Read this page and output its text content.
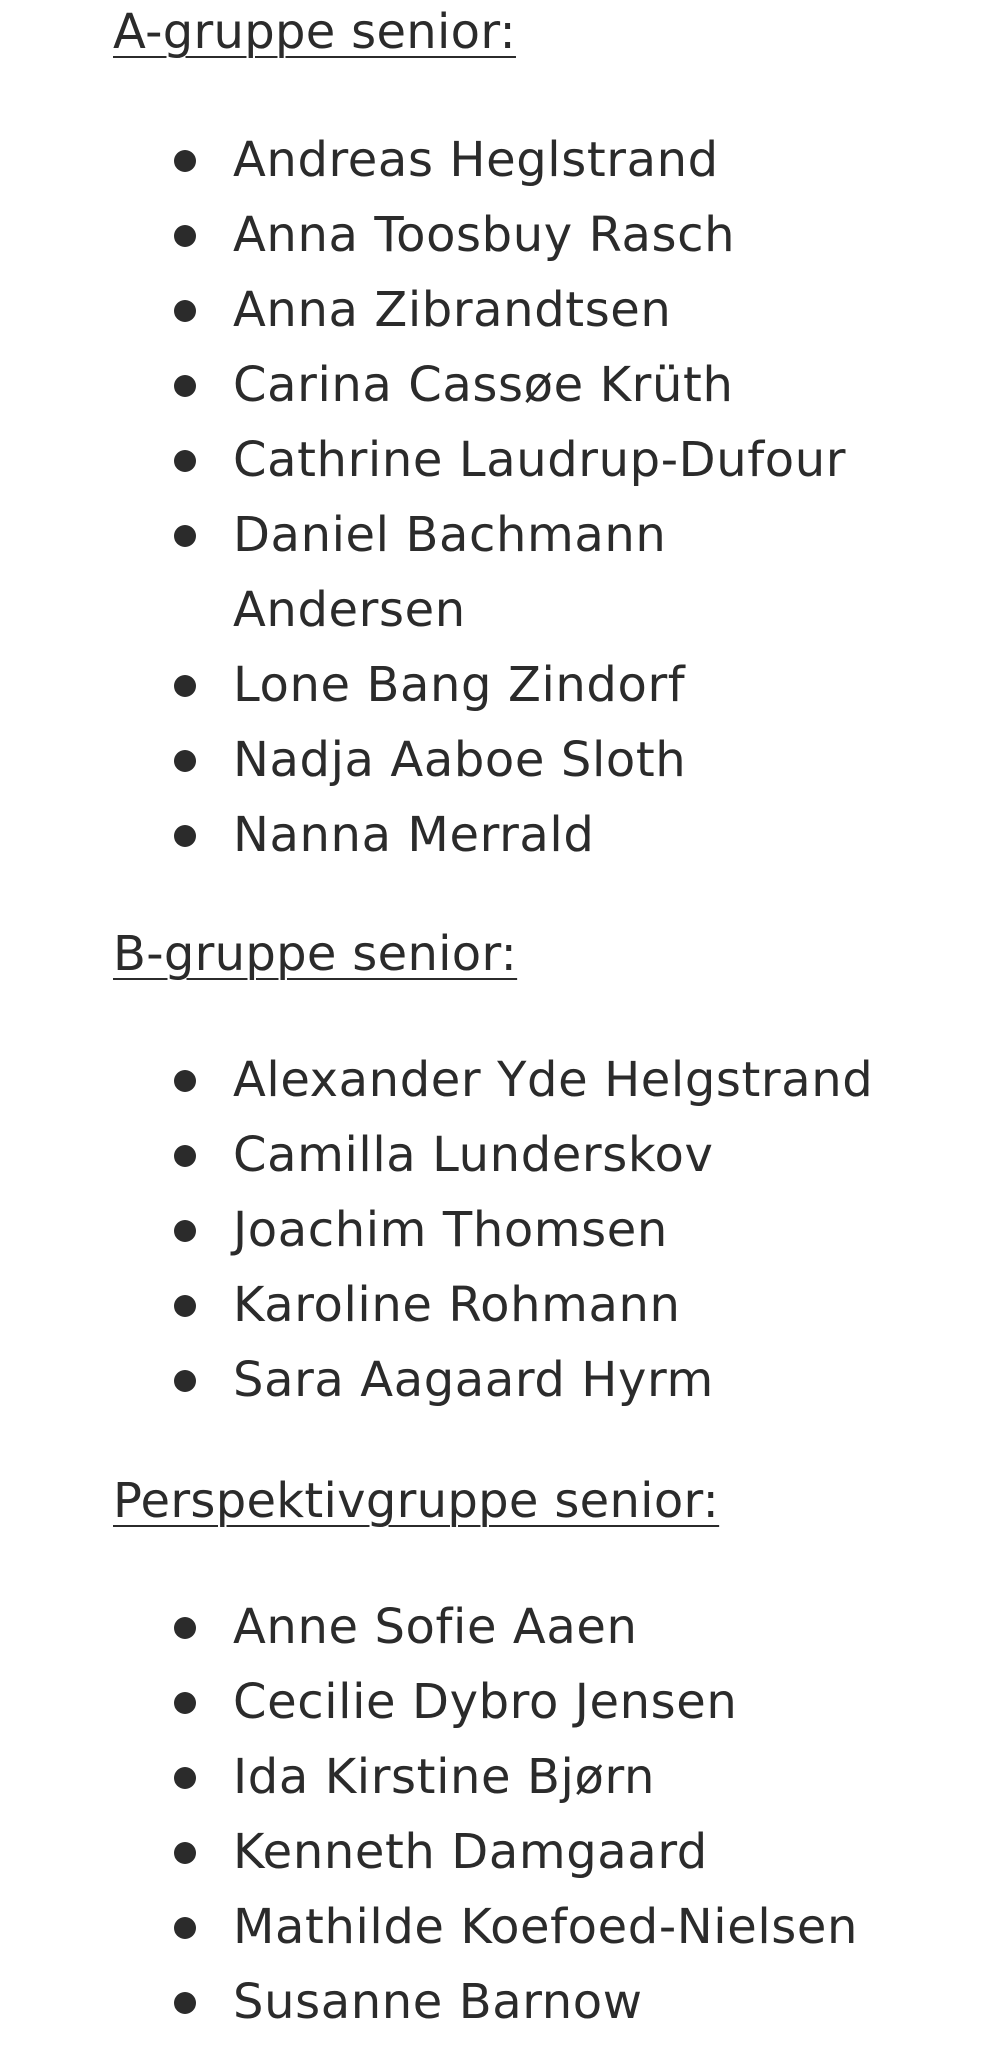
A-gruppe senior:
Andreas Heglstrand
Anna Toosbuy Rasch
Anna Zibrandtsen
Carina Cassøe Krüth
Cathrine Laudrup-Dufour
Daniel Bachmann Andersen
Lone Bang Zindorf
Nadja Aaboe Sloth
Nanna Merrald
B-gruppe senior:
Alexander Yde Helgstrand
Camilla Lunderskov
Joachim Thomsen
Karoline Rohmann
Sara Aagaard Hyrm
Perspektivgruppe senior:
Anne Sofie Aaen
Cecilie Dybro Jensen
Ida Kirstine Bjørn
Kenneth Damgaard
Mathilde Koefoed-Nielsen
Susanne Barnow
